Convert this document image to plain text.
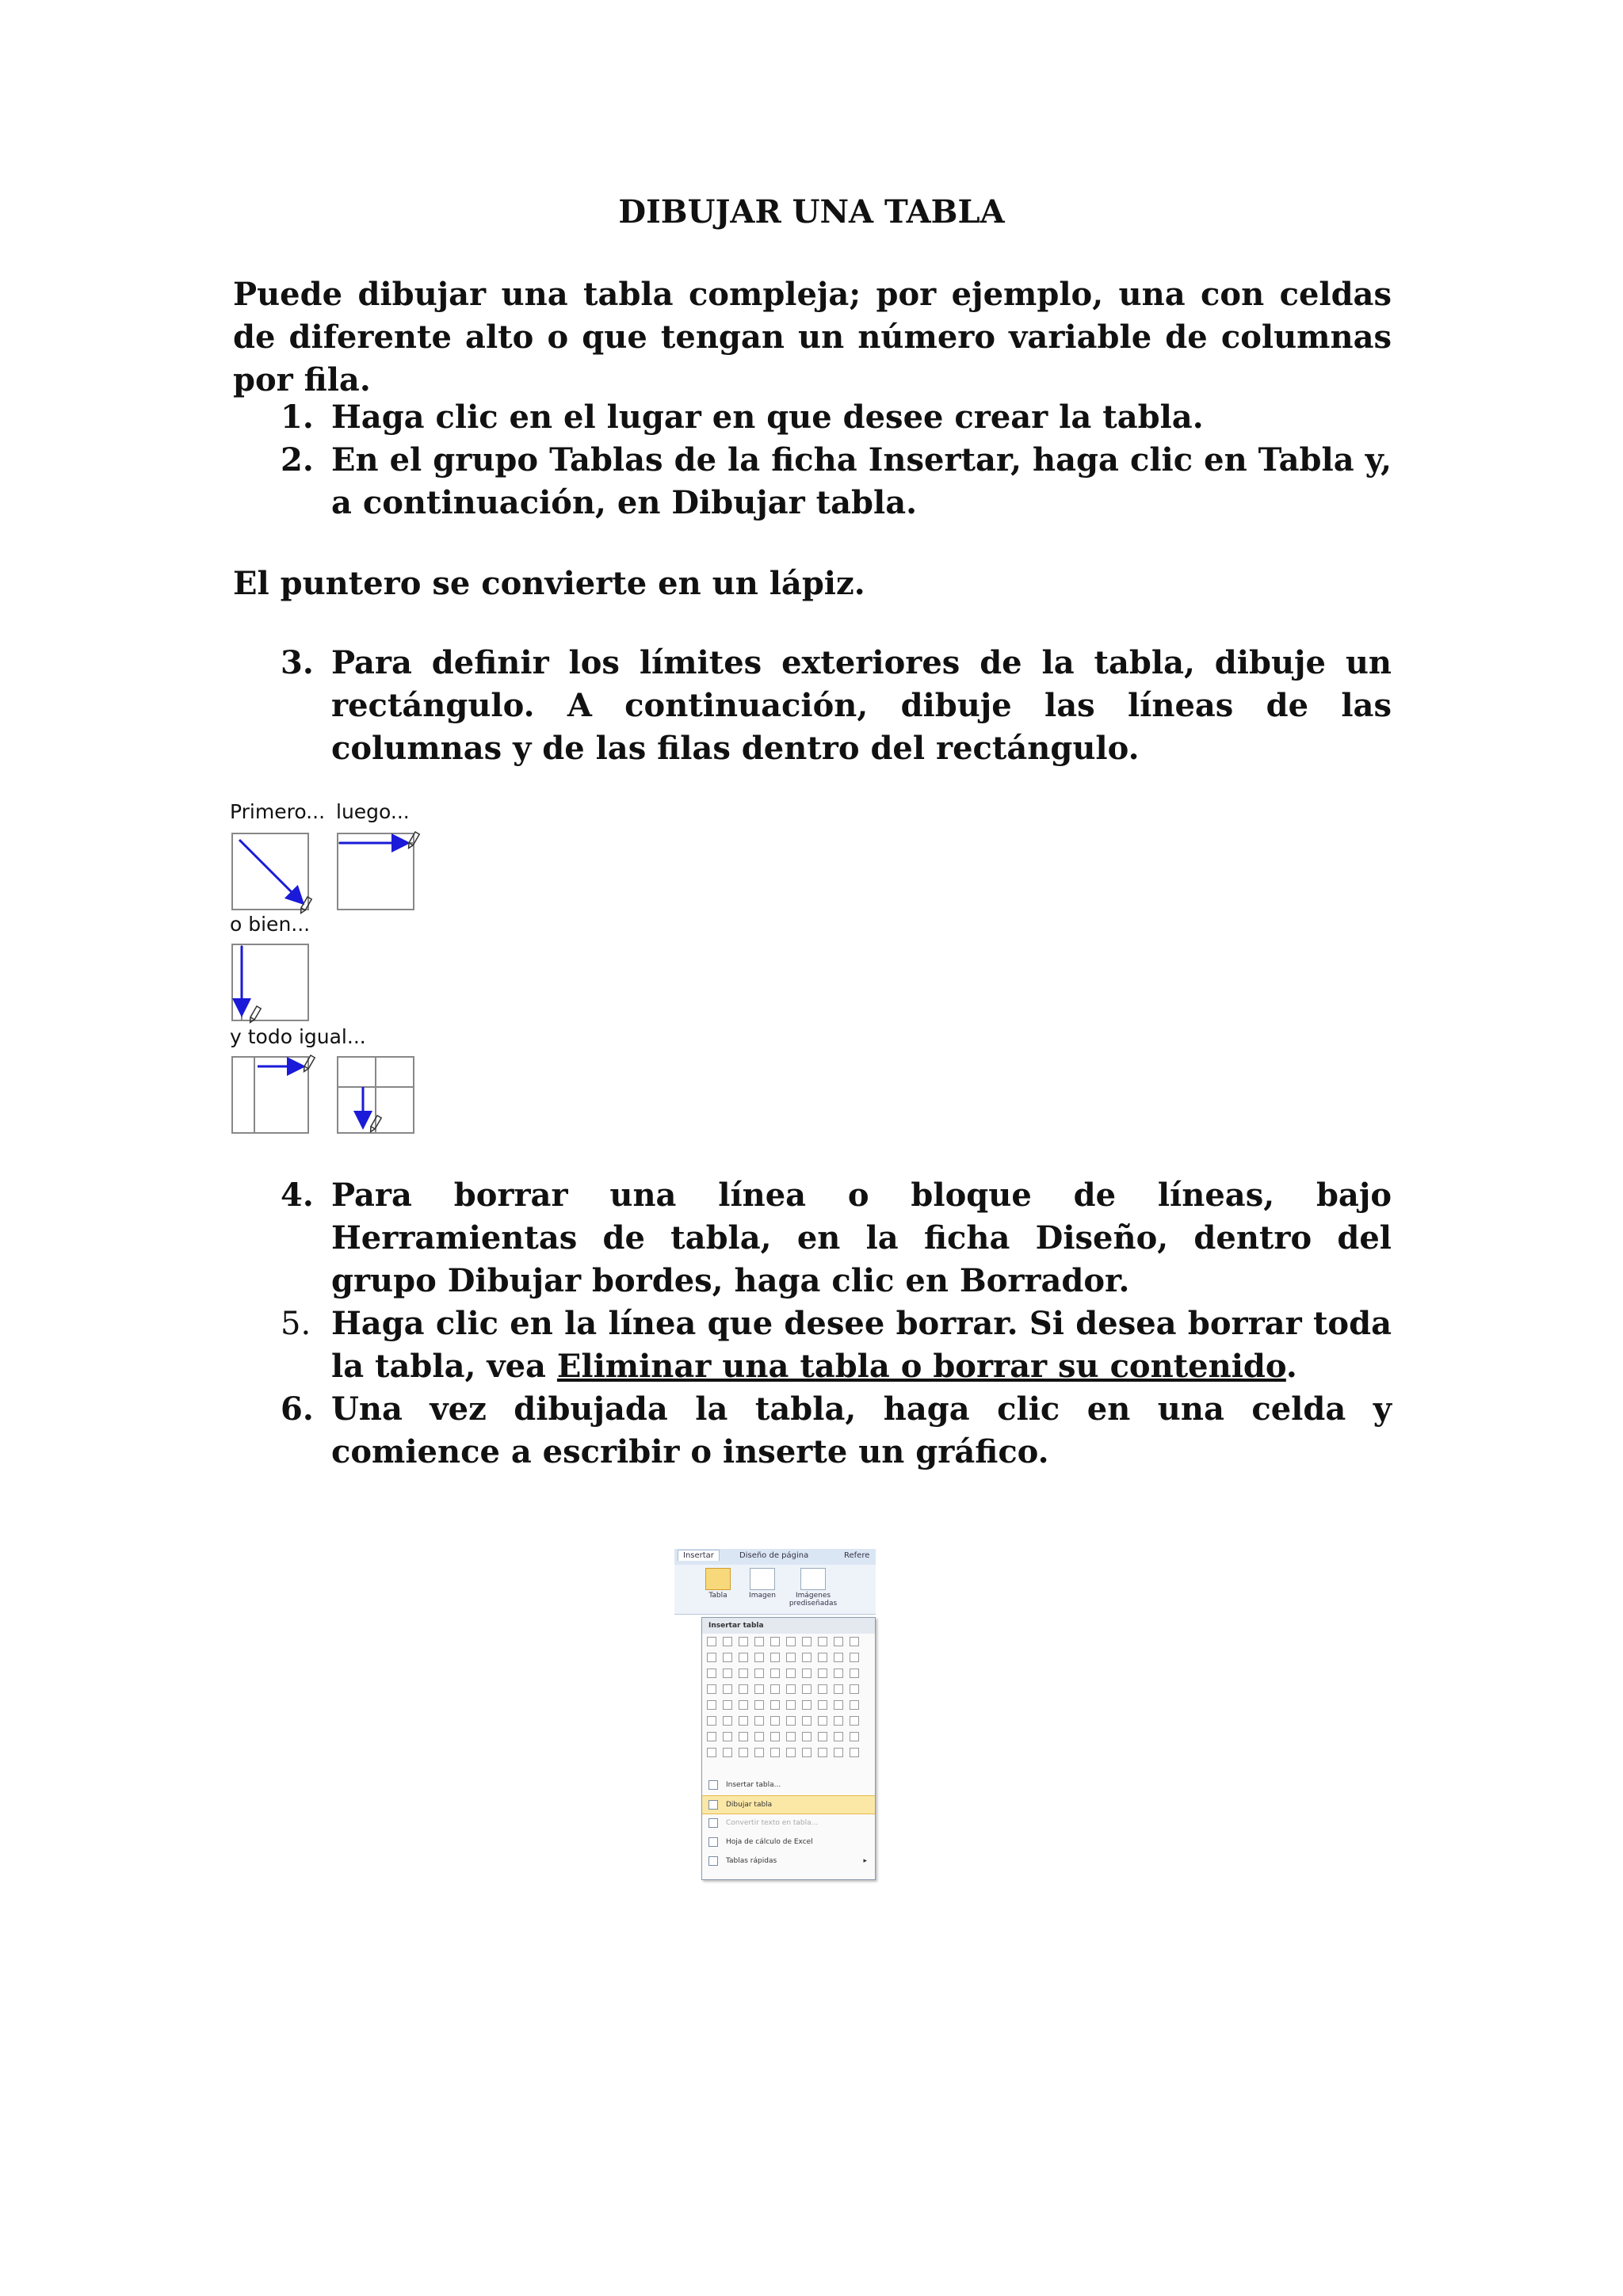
DIBUJAR UNA TABLA
Puede dibujar una tabla compleja; por ejemplo, una con celdas de diferente alto o que tengan un número variable de columnas por fila.
1. Haga clic en el lugar en que desee crear la tabla.
2. En el grupo Tablas de la ficha Insertar, haga clic en Tabla y, a continuación, en Dibujar tabla.
El puntero se convierte en un lápiz.
3. Para definir los límites exteriores de la tabla, dibuje un rectángulo. A continuación, dibuje las líneas de las columnas y de las filas dentro del rectángulo.
Primero... luego...
o bien...
y todo igual...
4. Para borrar una línea o bloque de líneas, bajo Herramientas de tabla, en la ficha Diseño, dentro del grupo Dibujar bordes, haga clic en Borrador.
5. Haga clic en la línea que desee borrar. Si desea borrar toda la tabla, vea Eliminar una tabla o borrar su contenido.
6. Una vez dibujada la tabla, haga clic en una celda y comience a escribir o inserte un gráfico.
Insertar	Diseño de página	Refere
Tabla	Imagen	Imágenes prediseñadas
Insertar tabla
Insertar tabla...
Dibujar tabla
Convertir texto en tabla...
Hoja de cálculo de Excel
Tablas rápidas	▸
